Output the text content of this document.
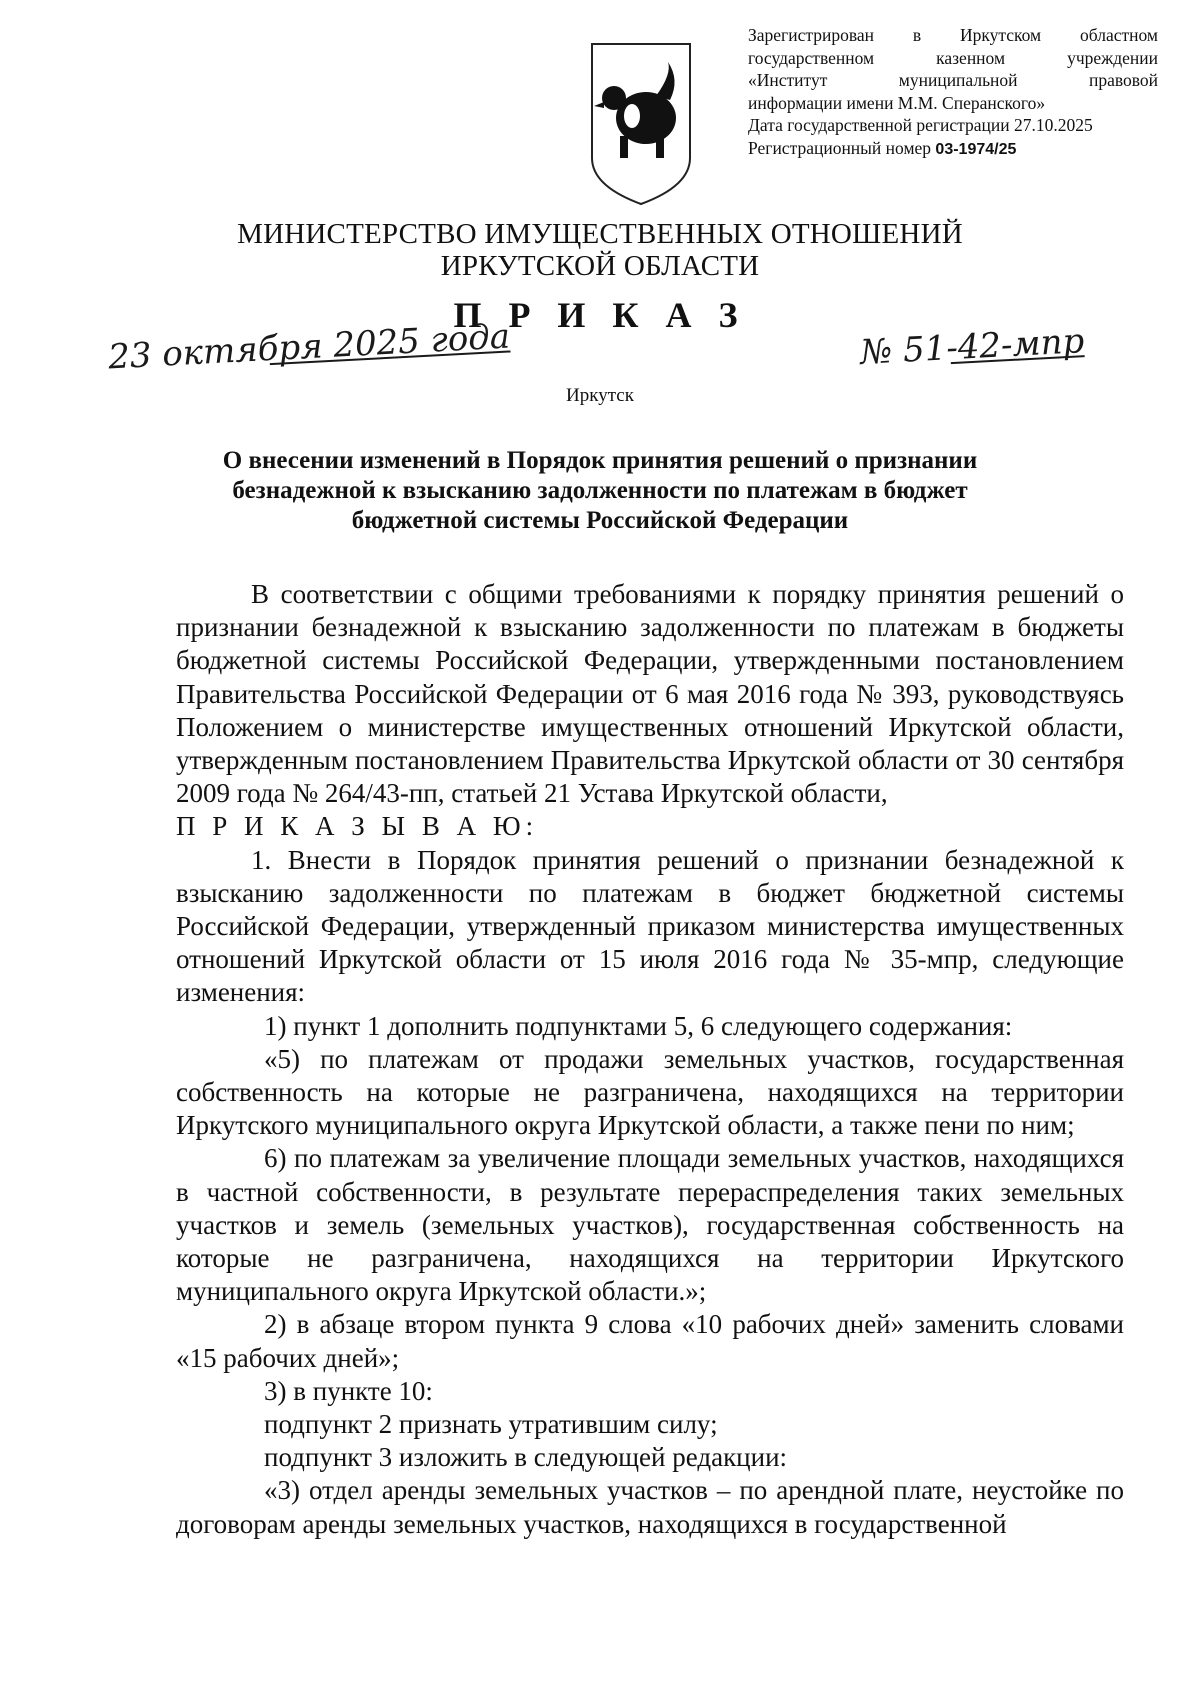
Зарегистрирован в Иркутском областном
государственном казенном учреждении
«Институт муниципальной правовой
информации имени М.М. Сперанского»
Дата государственной регистрации 27.10.2025
Регистрационный номер 03-1974/25
МИНИСТЕРСТВО ИМУЩЕСТВЕННЫХ ОТНОШЕНИЙ
ИРКУТСКОЙ ОБЛАСТИ
П Р И К А З
23 октября 2025 года	№ 51-42-мпр
Иркутск
О внесении изменений в Порядок принятия решений о признании
безнадежной к взысканию задолженности по платежам в бюджет
бюджетной системы Российской Федерации

В соответствии с общими требованиями к порядку принятия решений о признании безнадежной к взысканию задолженности по платежам в бюджеты бюджетной системы Российской Федерации, утвержденными постановлением Правительства Российской Федерации от 6 мая 2016 года № 393, руководствуясь Положением о министерстве имущественных отношений Иркутской области, утвержденным постановлением Правительства Иркутской области от 30 сентября 2009 года № 264/43-пп, статьей 21 Устава Иркутской области,

П Р И К А З Ы В А Ю:

1. Внести в Порядок принятия решений о признании безнадежной к взысканию задолженности по платежам в бюджет бюджетной системы Российской Федерации, утвержденный приказом министерства имущественных отношений Иркутской области от 15 июля 2016 года № 35-мпр, следующие изменения:

1) пункт 1 дополнить подпунктами 5, 6 следующего содержания:

«5) по платежам от продажи земельных участков, государственная собственность на которые не разграничена, находящихся на территории Иркутского муниципального округа Иркутской области, а также пени по ним;

6) по платежам за увеличение площади земельных участков, находящихся в частной собственности, в результате перераспределения таких земельных участков и земель (земельных участков), государственная собственность на которые не разграничена, находящихся на территории Иркутского муниципального округа Иркутской области.»;

2) в абзаце втором пункта 9 слова «10 рабочих дней» заменить словами «15 рабочих дней»;

3) в пункте 10:

подпункт 2 признать утратившим силу;

подпункт 3 изложить в следующей редакции:

«3) отдел аренды земельных участков – по арендной плате, неустойке по договорам аренды земельных участков, находящихся в государственной
